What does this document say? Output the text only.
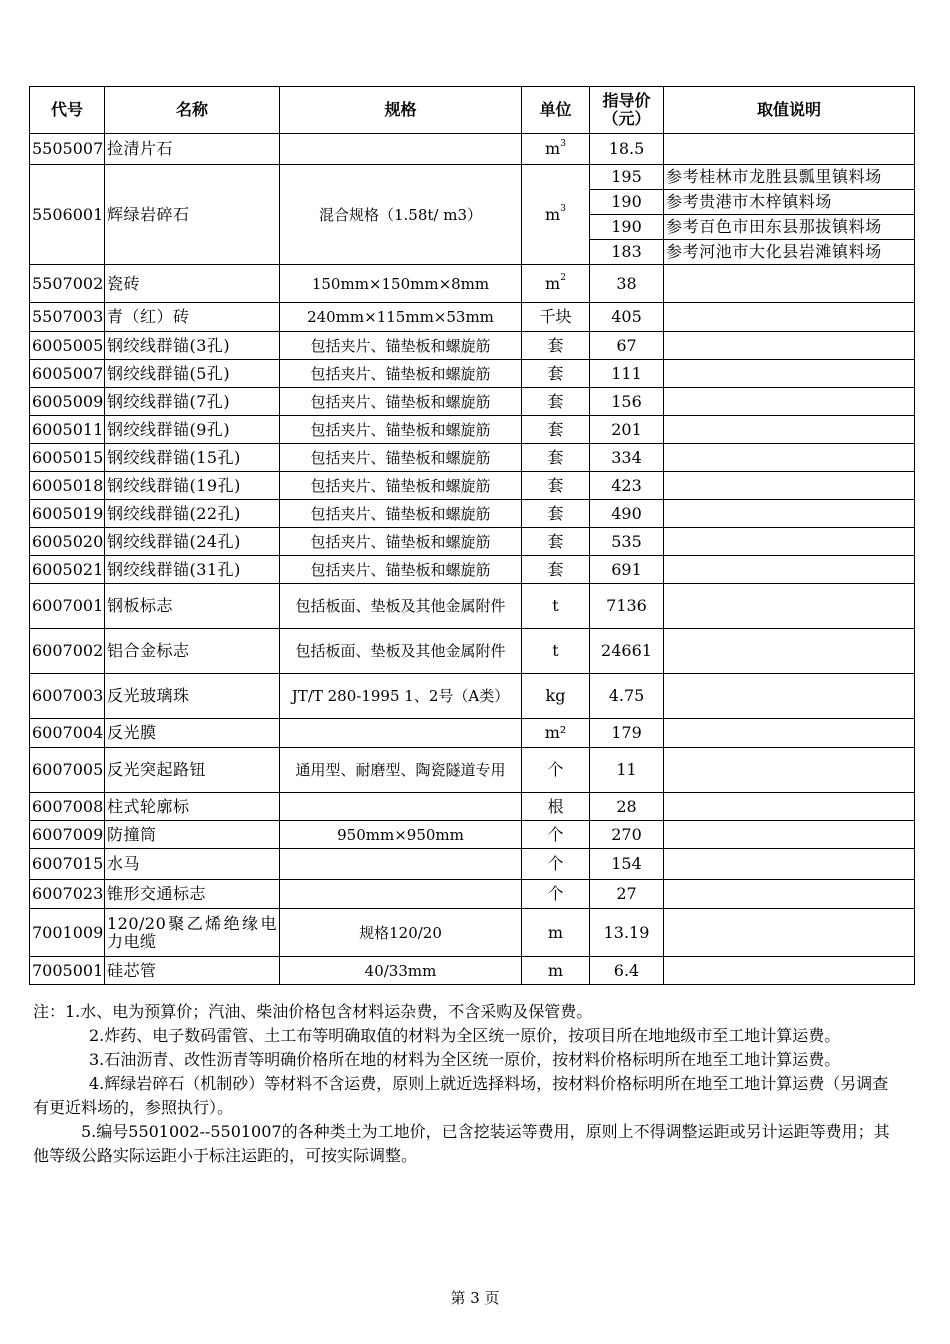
代号	名称	规格	单位	指导价（元）	取值说明
5505007	捡清片石		$m^3$	18.5	
5506001	辉绿岩碎石	混合规格（1.58t/ m3）	$m^3$	195	参考桂林市龙胜县瓢里镇料场
				190	参考贵港市木梓镇料场
				190	参考百色市田东县那拔镇料场
				183	参考河池市大化县岩滩镇料场
5507002	瓷砖	150mm×150mm×8mm	$m^2$	38	
5507003	青（红）砖	240mm×115mm×53mm	千块	405	
6005005	钢绞线群锚(3孔)	包括夹片、锚垫板和螺旋筋	套	67	
6005007	钢绞线群锚(5孔)	包括夹片、锚垫板和螺旋筋	套	111	
6005009	钢绞线群锚(7孔)	包括夹片、锚垫板和螺旋筋	套	156	
6005011	钢绞线群锚(9孔)	包括夹片、锚垫板和螺旋筋	套	201	
6005015	钢绞线群锚(15孔)	包括夹片、锚垫板和螺旋筋	套	334	
6005018	钢绞线群锚(19孔)	包括夹片、锚垫板和螺旋筋	套	423	
6005019	钢绞线群锚(22孔)	包括夹片、锚垫板和螺旋筋	套	490	
6005020	钢绞线群锚(24孔)	包括夹片、锚垫板和螺旋筋	套	535	
6005021	钢绞线群锚(31孔)	包括夹片、锚垫板和螺旋筋	套	691	
6007001	钢板标志	包括板面、垫板及其他金属附件	t	7136	
6007002	铝合金标志	包括板面、垫板及其他金属附件	t	24661	
6007003	反光玻璃珠	JT/T 280-1995 1、2号（A类）	kg	4.75	
6007004	反光膜		m²	179	
6007005	反光突起路钮	通用型、耐磨型、陶瓷隧道专用	个	11	
6007008	柱式轮廓标		根	28	
6007009	防撞筒	950mm×950mm	个	270	
6007015	水马		个	154	
6007023	锥形交通标志		个	27	
7001009	120/20聚乙烯绝缘电力电缆	规格120/20	m	13.19	
7005001	硅芯管	40/33mm	m	6.4	

注：1.水、电为预算价；汽油、柴油价格包含材料运杂费，不含采购及保管费。

2.炸药、电子数码雷管、土工布等明确取值的材料为全区统一原价，按项目所在地地级市至工地计算运费。

3.石油沥青、改性沥青等明确价格所在地的材料为全区统一原价，按材料价格标明所在地至工地计算运费。

4.辉绿岩碎石（机制砂）等材料不含运费，原则上就近选择料场，按材料价格标明所在地至工地计算运费（另调查有更近料场的，参照执行）。

5.编号5501002--5501007的各种类土为工地价，已含挖装运等费用，原则上不得调整运距或另计运距等费用；其他等级公路实际运距小于标注运距的，可按实际调整。

第 3 页
